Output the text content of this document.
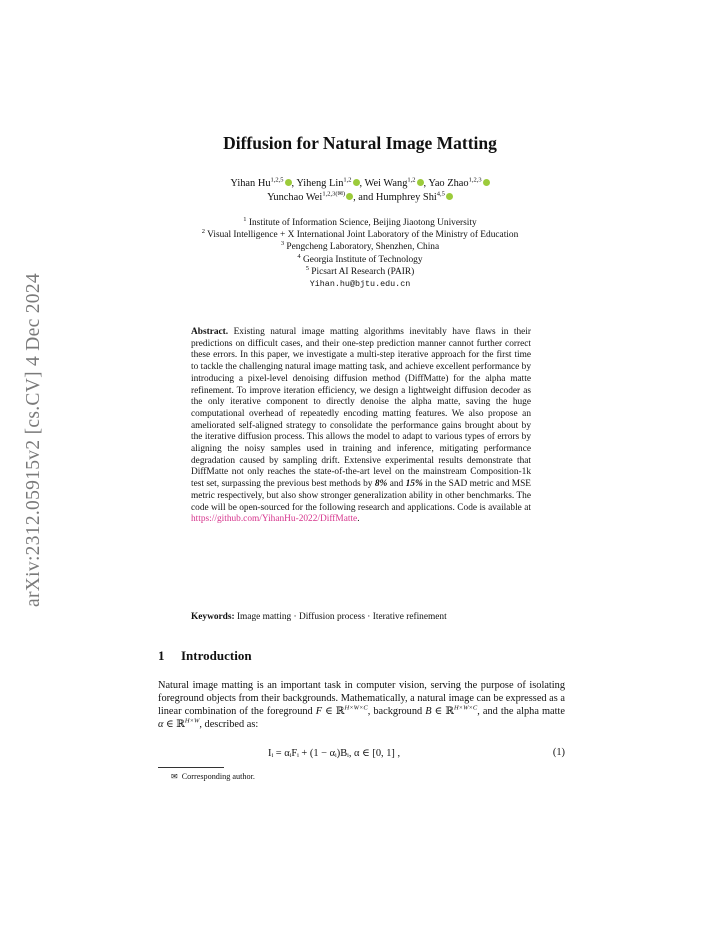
arXiv:2312.05915v2 [cs.CV] 4 Dec 2024
Diffusion for Natural Image Matting
Yihan Hu$^{1,2,5}$ , Yiheng Lin$^{1,2}$ , Wei Wang$^{1,2}$ , Yao Zhao$^{1,2,3}$
Yunchao Wei$^{1,2,3(✉)}$ , and Humphrey Shi$^{4,5}$
$^1$ Institute of Information Science, Beijing Jiaotong University
$^2$ Visual Intelligence + X International Joint Laboratory of the Ministry of Education
$^3$ Pengcheng Laboratory, Shenzhen, China
$^4$ Georgia Institute of Technology
$^5$ Picsart AI Research (PAIR)
Yihan.hu@bjtu.edu.cn
Abstract. Existing natural image matting algorithms inevitably have flaws in their predictions on difficult cases, and their one-step prediction manner cannot further correct these errors. In this paper, we investigate a multi-step iterative approach for the first time to tackle the challenging natural image matting task, and achieve excellent performance by introducing a pixel-level denoising diffusion method (DiffMatte) for the alpha matte refinement. To improve iteration efficiency, we design a lightweight diffusion decoder as the only iterative component to directly denoise the alpha matte, saving the huge computational overhead of repeatedly encoding matting features. We also propose an ameliorated self-aligned strategy to consolidate the performance gains brought about by the iterative diffusion process. This allows the model to adapt to various types of errors by aligning the noisy samples used in training and inference, mitigating performance degradation caused by sampling drift. Extensive experimental results demonstrate that DiffMatte not only reaches the state-of-the-art level on the mainstream Composition-1k test set, surpassing the previous best methods by 8% and 15% in the SAD metric and MSE metric respectively, but also show stronger generalization ability in other benchmarks. The code will be open-sourced for the following research and applications. Code is available at https://github.com/YihanHu-2022/DiffMatte.
Keywords: Image matting · Diffusion process · Iterative refinement
1 Introduction
Natural image matting is an important task in computer vision, serving the purpose of isolating foreground objects from their backgrounds. Mathematically, a natural image can be expressed as a linear combination of the foreground F ∈ ℝ$^{H\times W\times C}$, background B ∈ ℝ$^{H\times W\times C}$, and the alpha matte α ∈ ℝ$^{H\times W}$, described as:
Iᵢ = αᵢFᵢ + (1 − αᵢ)Bᵢ, α ∈ [0, 1] ,	(1)
✉ Corresponding author.
